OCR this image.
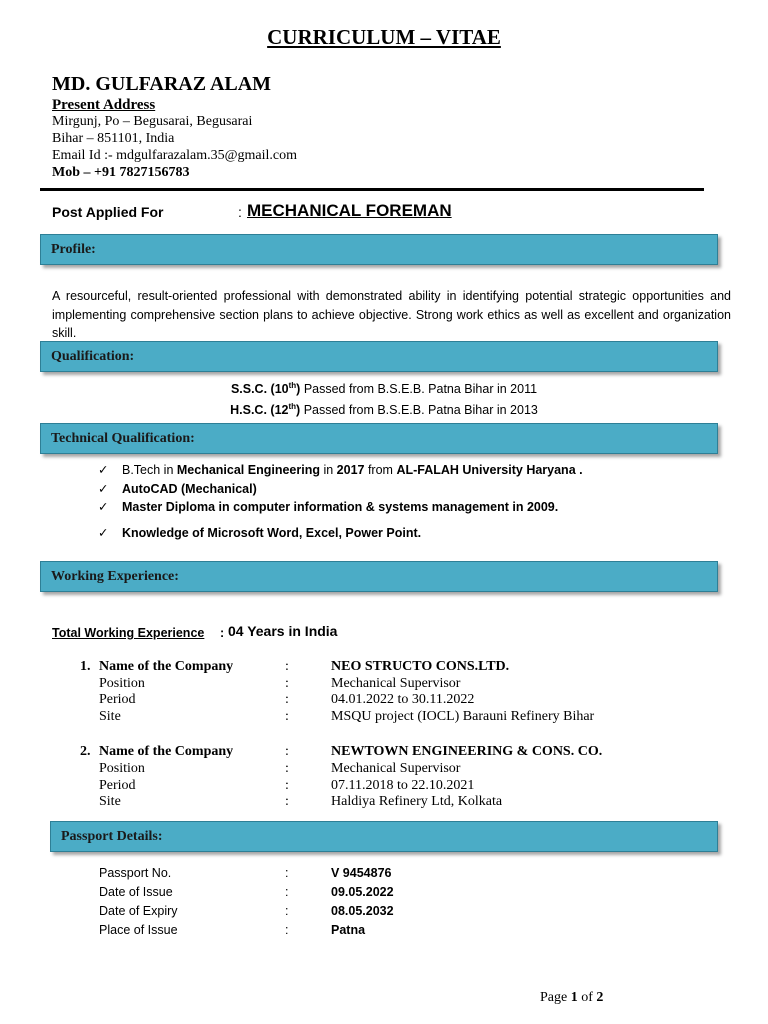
CURRICULUM – VITAE
MD. GULFARAZ ALAM
Present Address
Mirgunj, Po – Begusarai, Begusarai
Bihar – 851101, India
Email Id :- mdgulfarazalam.35@gmail.com
Mob – +91 7827156783
Post Applied For	: MECHANICAL FOREMAN
Profile:
A resourceful, result-oriented professional with demonstrated ability in identifying potential strategic opportunities and implementing comprehensive section plans to achieve objective. Strong work ethics as well as excellent and organization skill.
Qualification:
S.S.C. (10th) Passed from B.S.E.B. Patna Bihar in 2011
H.S.C. (12th) Passed from B.S.E.B. Patna Bihar in 2013
Technical Qualification:
✓ B.Tech in Mechanical Engineering in 2017 from AL-FALAH University Haryana .
✓ AutoCAD (Mechanical)
✓ Master Diploma in computer information & systems management in 2009.
✓ Knowledge of Microsoft Word, Excel, Power Point.
Working Experience:
Total Working Experience : 04 Years in India
1. Name of the Company	:	NEO STRUCTO CONS.LTD.
Position	:	Mechanical Supervisor
Period	:	04.01.2022 to 30.11.2022
Site	:	MSQU project (IOCL) Barauni Refinery Bihar
2. Name of the Company	:	NEWTOWN ENGINEERING & CONS. CO.
Position	:	Mechanical Supervisor
Period	:	07.11.2018 to 22.10.2021
Site	:	Haldiya Refinery Ltd, Kolkata
Passport Details:
Passport No.	:	V 9454876
Date of Issue	:	09.05.2022
Date of Expiry	:	08.05.2032
Place of Issue	:	Patna
Page 1 of 2
